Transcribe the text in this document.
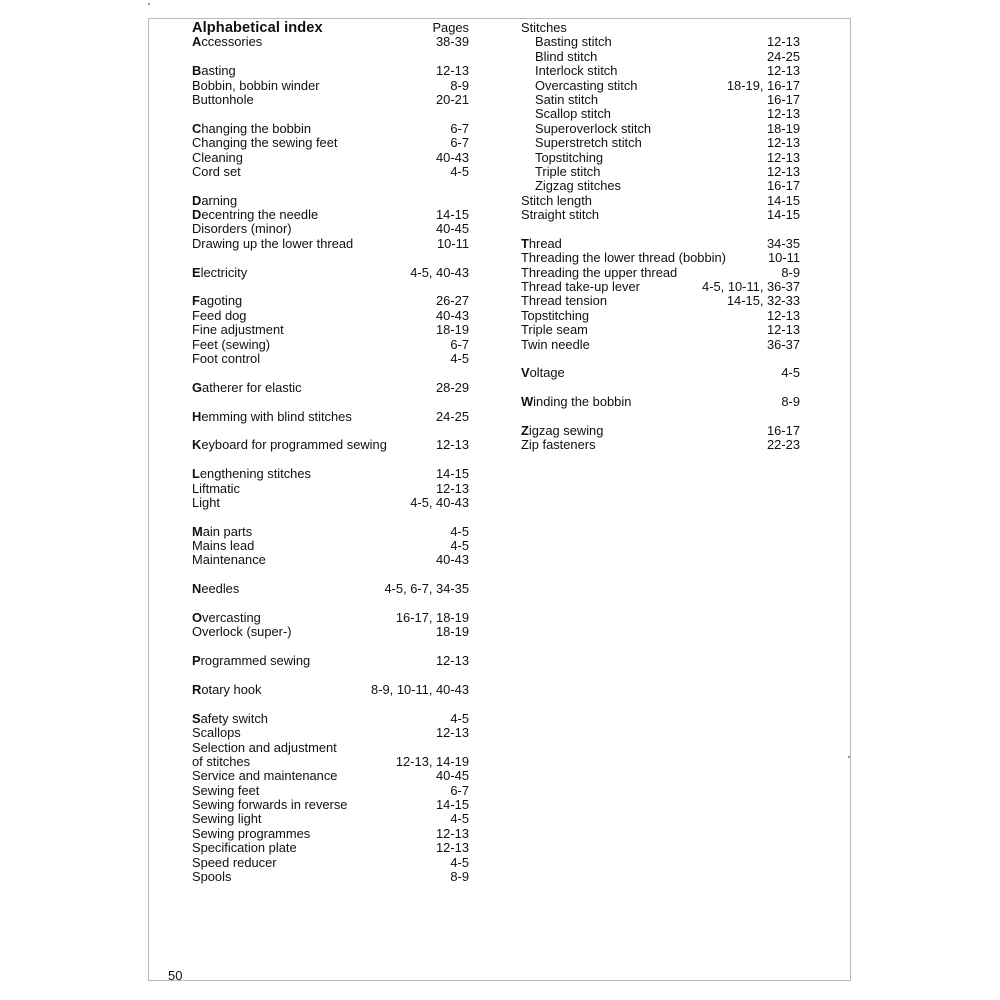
Alphabetical index	Pages
Accessories	38-39
Basting	12-13
Bobbin, bobbin winder	8-9
Buttonhole	20-21
Changing the bobbin	6-7
Changing the sewing feet	6-7
Cleaning	40-43
Cord set	4-5
Darning
Decentring the needle	14-15
Disorders (minor)	40-45
Drawing up the lower thread	10-11
Electricity	4-5, 40-43
Fagoting	26-27
Feed dog	40-43
Fine adjustment	18-19
Feet (sewing)	6-7
Foot control	4-5
Gatherer for elastic	28-29
Hemming with blind stitches	24-25
Keyboard for programmed sewing	12-13
Lengthening stitches	14-15
Liftmatic	12-13
Light	4-5, 40-43
Main parts	4-5
Mains lead	4-5
Maintenance	40-43
Needles	4-5, 6-7, 34-35
Overcasting	16-17, 18-19
Overlock (super-)	18-19
Programmed sewing	12-13
Rotary hook	8-9, 10-11, 40-43
Safety switch	4-5
Scallops	12-13
Selection and adjustment
of stitches	12-13, 14-19
Service and maintenance	40-45
Sewing feet	6-7
Sewing forwards in reverse	14-15
Sewing light	4-5
Sewing programmes	12-13
Specification plate	12-13
Speed reducer	4-5
Spools	8-9
Stitches
Basting stitch	12-13
Blind stitch	24-25
Interlock stitch	12-13
Overcasting stitch	18-19, 16-17
Satin stitch	16-17
Scallop stitch	12-13
Superoverlock stitch	18-19
Superstretch stitch	12-13
Topstitching	12-13
Triple stitch	12-13
Zigzag stitches	16-17
Stitch length	14-15
Straight stitch	14-15
Thread	34-35
Threading the lower thread (bobbin)	10-11
Threading the upper thread	8-9
Thread take-up lever	4-5, 10-11, 36-37
Thread tension	14-15, 32-33
Topstitching	12-13
Triple seam	12-13
Twin needle	36-37
Voltage	4-5
Winding the bobbin	8-9
Zigzag sewing	16-17
Zip fasteners	22-23
50
